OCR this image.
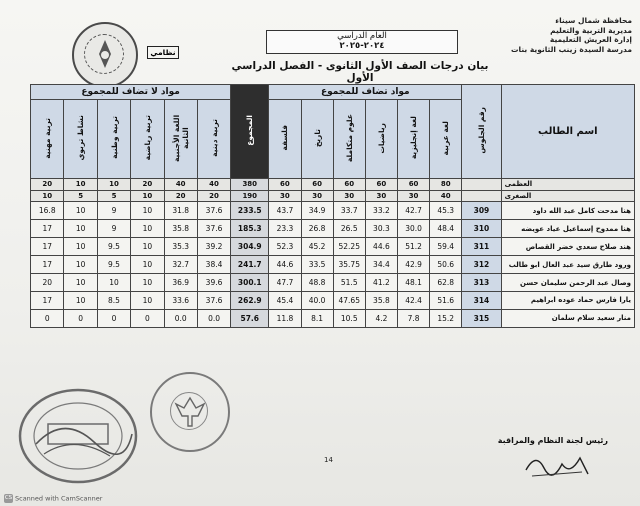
محافظة شمال سيناء
مديرية التربية والتعليم
إدارة العريش التعليمية
مدرسة السيدة زينب الثانوية بنات
العام الدراسي
٢٠٢٤-٢٠٢٥
بيان درجات الصف الأول الثانوى - الفصل الدراسي الأول
نظامي
اسم الطالب	رقم الجلوس	مواد تضاف للمجموع						المجموع	مواد لا تضاف للمجموع					
		لغة عربية	لغة إنجليزية	رياضيات	علوم متكاملة	تاريخ	فلسفة		تربية دينية	اللغة الأجنبية الثانية	تربية رياضية	تربية وطنية	نشاط تربوي	تربية مهنية
العظمى		80	60	60	60	60	60	380	40	40	20	10	10	20
الصغرى		40	30	30	30	30	30	190	20	20	10	5	5	10
هنا مدحت كامل عبد الله داود	309	45.3	42.7	33.2	33.7	34.9	43.7	233.5	37.6	31.8	10	9	10	16.8
هنا ممدوح إسماعيل عياد عويضه	310	48.4	30.0	30.3	26.5	26.8	23.3	185.3	37.6	35.8	10	9	10	17
هند صلاح سعدي خضر القصاص	311	59.4	51.2	44.6	52.25	45.2	52.3	304.9	39.2	35.3	10	9.5	10	17
ورود طارق سيد عبد العال ابو طالب	312	50.6	42.9	34.4	35.75	33.5	44.6	241.7	38.4	32.7	10	9.5	10	17
وصال عبد الرحمن سليمان حسن	313	62.8	48.1	41.2	51.5	48.8	47.7	300.1	39.6	36.9	10	10	10	20
يارا فارس حماد عوده ابراهيم	314	51.6	42.4	35.8	47.65	40.0	45.4	262.9	37.6	33.6	10	8.5	10	17
منار سعيد سلام سلمان	315	15.2	7.8	4.2	10.5	8.1	11.8	57.6	0.0	0.0	0	0	0	0
14
رئيس لجنة النظام والمراقبة
CS Scanned with CamScanner
